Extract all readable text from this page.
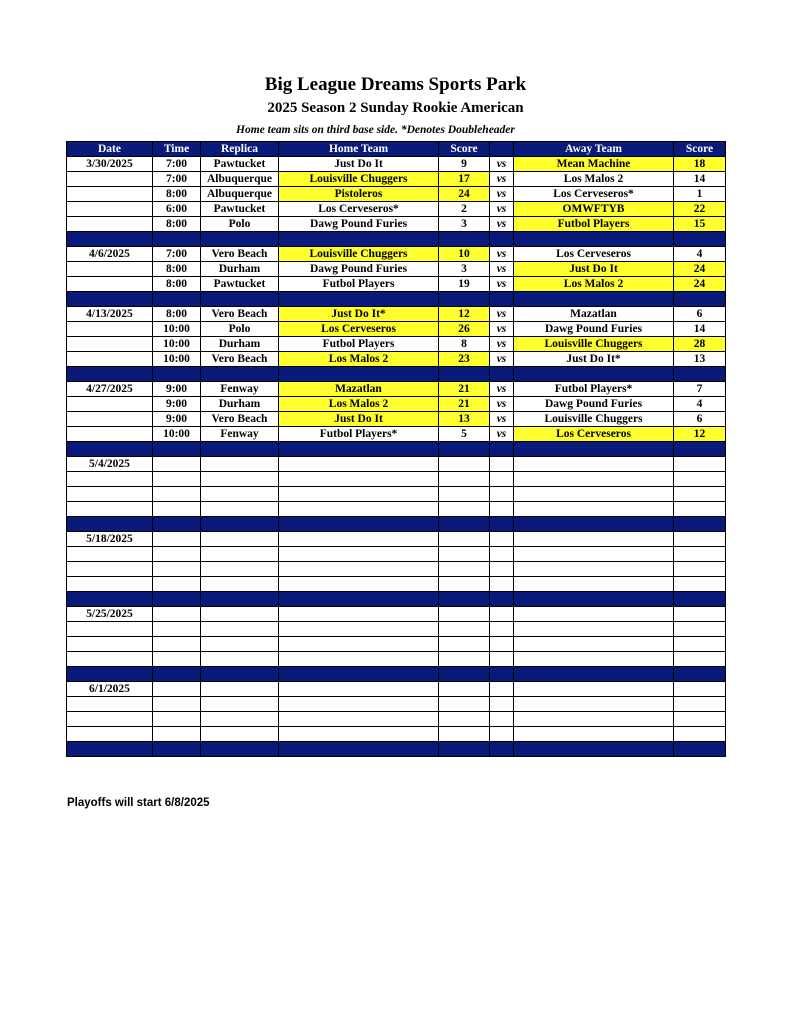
Big League Dreams Sports Park
2025 Season 2 Sunday Rookie American
Home team sits on third base side. *Denotes Doubleheader
Date	Time	Replica	Home Team	Score		Away Team	Score
3/30/2025	7:00	Pawtucket	Just Do It	9	vs	Mean Machine	18
	7:00	Albuquerque	Louisville Chuggers	17	vs	Los Malos 2	14
	8:00	Albuquerque	Pistoleros	24	vs	Los Cerveseros*	1
	6:00	Pawtucket	Los Cerveseros*	2	vs	OMWFTYB	22
	8:00	Polo	Dawg Pound Furies	3	vs	Futbol Players	15

4/6/2025	7:00	Vero Beach	Louisville Chuggers	10	vs	Los Cerveseros	4
	8:00	Durham	Dawg Pound Furies	3	vs	Just Do It	24
	8:00	Pawtucket	Futbol Players	19	vs	Los Malos 2	24

4/13/2025	8:00	Vero Beach	Just Do It*	12	vs	Mazatlan	6
	10:00	Polo	Los Cerveseros	26	vs	Dawg Pound Furies	14
	10:00	Durham	Futbol Players	8	vs	Louisville Chuggers	28
	10:00	Vero Beach	Los Malos 2	23	vs	Just Do It*	13

4/27/2025	9:00	Fenway	Mazatlan	21	vs	Futbol Players*	7
	9:00	Durham	Los Malos 2	21	vs	Dawg Pound Furies	4
	9:00	Vero Beach	Just Do It	13	vs	Louisville Chuggers	6
	10:00	Fenway	Futbol Players*	5	vs	Los Cerveseros	12

5/4/2025							

5/18/2025							

5/25/2025							

6/1/2025							

Playoffs will start 6/8/2025
